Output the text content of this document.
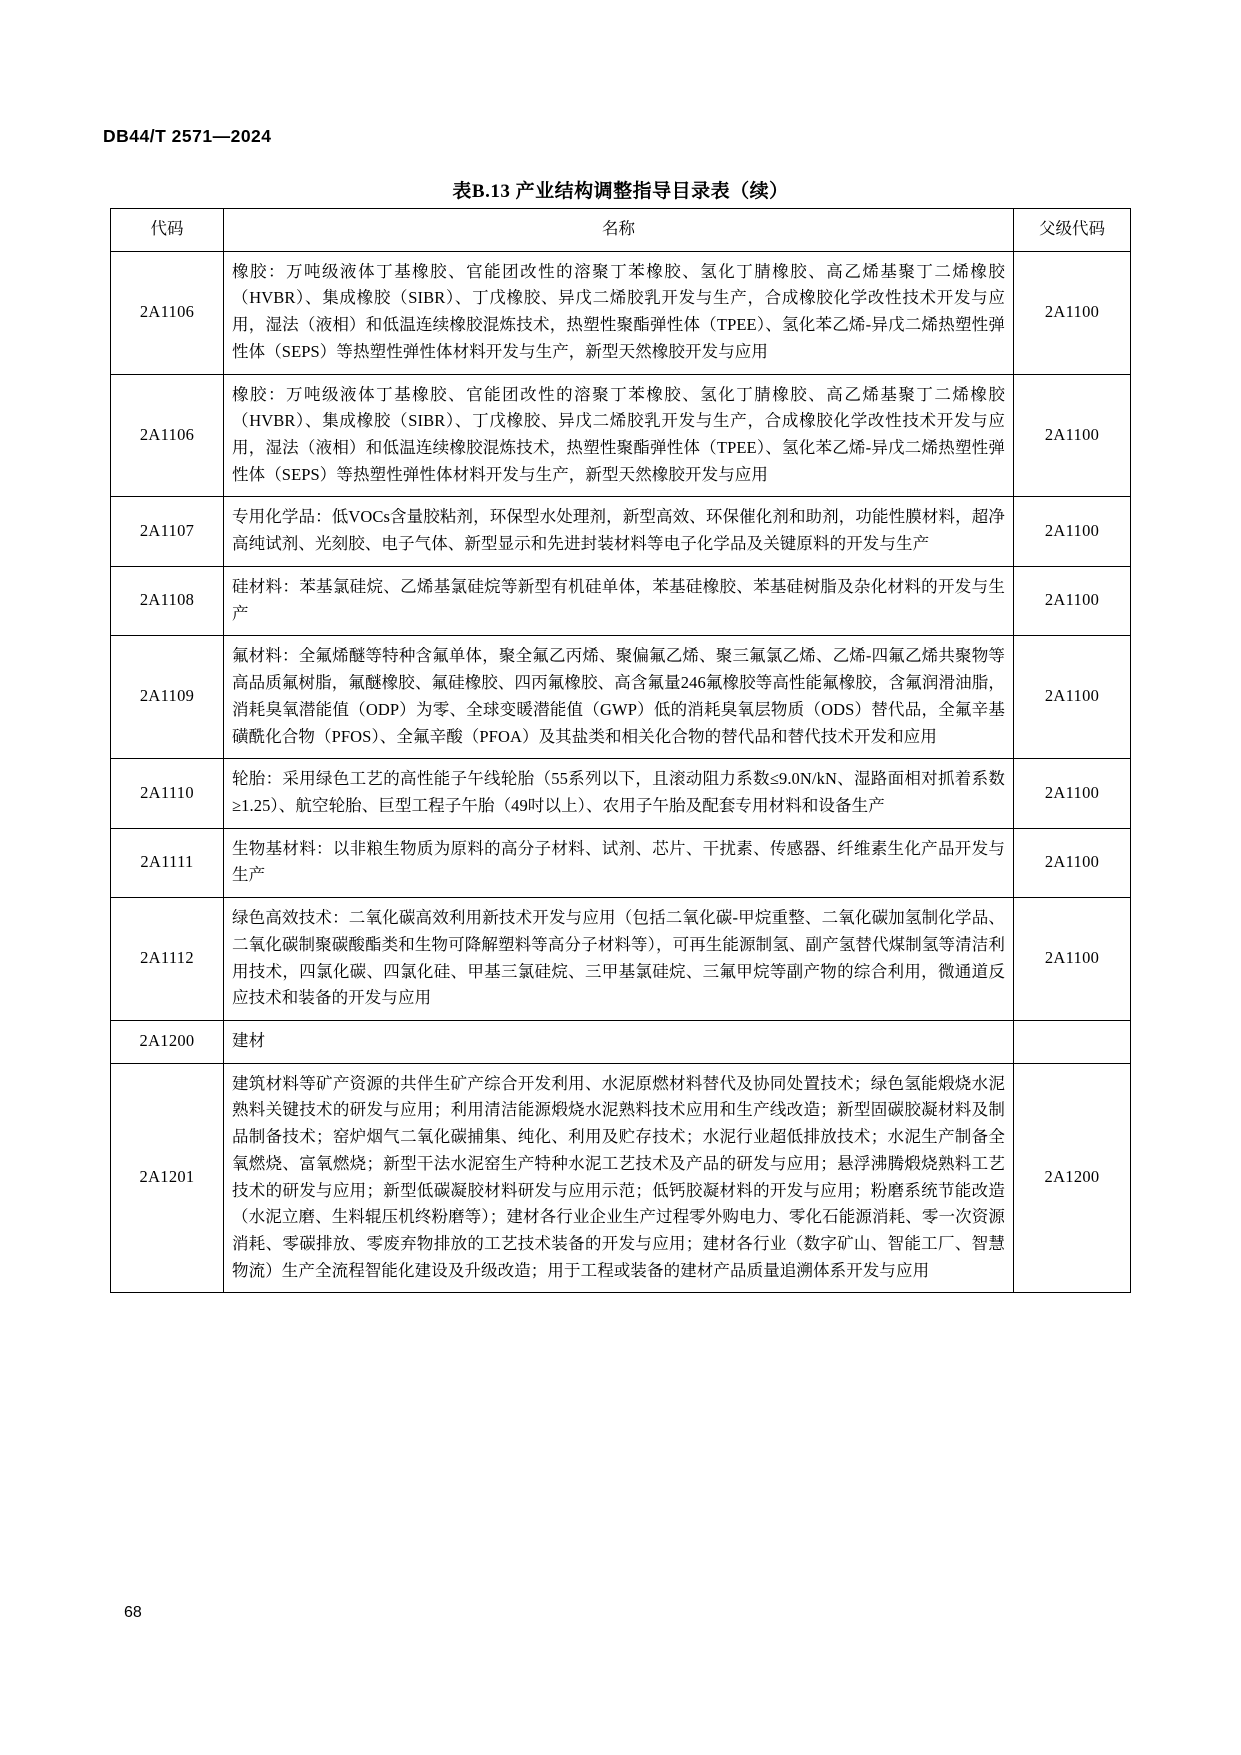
DB44/T 2571—2024
表B.13 产业结构调整指导目录表（续）
代码	名称	父级代码
2A1106	橡胶：万吨级液体丁基橡胶、官能团改性的溶聚丁苯橡胶、氢化丁腈橡胶、高乙烯基聚丁二烯橡胶（HVBR）、集成橡胶（SIBR）、丁戊橡胶、异戊二烯胶乳开发与生产，合成橡胶化学改性技术开发与应用，湿法（液相）和低温连续橡胶混炼技术，热塑性聚酯弹性体（TPEE）、氢化苯乙烯-异戊二烯热塑性弹性体（SEPS）等热塑性弹性体材料开发与生产，新型天然橡胶开发与应用	2A1100
2A1106	橡胶：万吨级液体丁基橡胶、官能团改性的溶聚丁苯橡胶、氢化丁腈橡胶、高乙烯基聚丁二烯橡胶（HVBR）、集成橡胶（SIBR）、丁戊橡胶、异戊二烯胶乳开发与生产，合成橡胶化学改性技术开发与应用，湿法（液相）和低温连续橡胶混炼技术，热塑性聚酯弹性体（TPEE）、氢化苯乙烯-异戊二烯热塑性弹性体（SEPS）等热塑性弹性体材料开发与生产，新型天然橡胶开发与应用	2A1100
2A1107	专用化学品：低VOCs含量胶粘剂，环保型水处理剂，新型高效、环保催化剂和助剂，功能性膜材料，超净高纯试剂、光刻胶、电子气体、新型显示和先进封装材料等电子化学品及关键原料的开发与生产	2A1100
2A1108	硅材料：苯基氯硅烷、乙烯基氯硅烷等新型有机硅单体，苯基硅橡胶、苯基硅树脂及杂化材料的开发与生产	2A1100
2A1109	氟材料：全氟烯醚等特种含氟单体，聚全氟乙丙烯、聚偏氟乙烯、聚三氟氯乙烯、乙烯-四氟乙烯共聚物等高品质氟树脂，氟醚橡胶、氟硅橡胶、四丙氟橡胶、高含氟量246氟橡胶等高性能氟橡胶，含氟润滑油脂，消耗臭氧潜能值（ODP）为零、全球变暖潜能值（GWP）低的消耗臭氧层物质（ODS）替代品，全氟辛基磺酰化合物（PFOS）、全氟辛酸（PFOA）及其盐类和相关化合物的替代品和替代技术开发和应用	2A1100
2A1110	轮胎：采用绿色工艺的高性能子午线轮胎（55系列以下，且滚动阻力系数≤9.0N/kN、湿路面相对抓着系数≥1.25）、航空轮胎、巨型工程子午胎（49吋以上）、农用子午胎及配套专用材料和设备生产	2A1100
2A1111	生物基材料：以非粮生物质为原料的高分子材料、试剂、芯片、干扰素、传感器、纤维素生化产品开发与生产	2A1100
2A1112	绿色高效技术：二氧化碳高效利用新技术开发与应用（包括二氧化碳-甲烷重整、二氧化碳加氢制化学品、二氧化碳制聚碳酸酯类和生物可降解塑料等高分子材料等），可再生能源制氢、副产氢替代煤制氢等清洁利用技术，四氯化碳、四氯化硅、甲基三氯硅烷、三甲基氯硅烷、三氟甲烷等副产物的综合利用，微通道反应技术和装备的开发与应用	2A1100
2A1200	建材	
2A1201	建筑材料等矿产资源的共伴生矿产综合开发利用、水泥原燃材料替代及协同处置技术；绿色氢能煅烧水泥熟料关键技术的研发与应用；利用清洁能源煅烧水泥熟料技术应用和生产线改造；新型固碳胶凝材料及制品制备技术；窑炉烟气二氧化碳捕集、纯化、利用及贮存技术；水泥行业超低排放技术；水泥生产制备全氧燃烧、富氧燃烧；新型干法水泥窑生产特种水泥工艺技术及产品的研发与应用；悬浮沸腾煅烧熟料工艺技术的研发与应用；新型低碳凝胶材料研发与应用示范；低钙胶凝材料的开发与应用；粉磨系统节能改造（水泥立磨、生料辊压机终粉磨等）；建材各行业企业生产过程零外购电力、零化石能源消耗、零一次资源消耗、零碳排放、零废弃物排放的工艺技术装备的开发与应用；建材各行业（数字矿山、智能工厂、智慧物流）生产全流程智能化建设及升级改造；用于工程或装备的建材产品质量追溯体系开发与应用	2A1200
68
